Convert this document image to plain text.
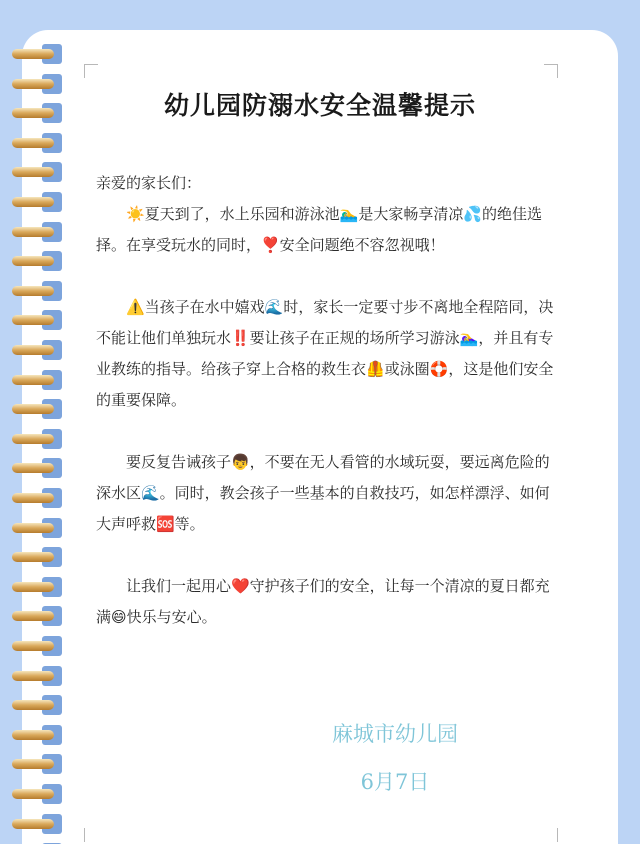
幼儿园防溺水安全温馨提示

亲爱的家长们：

☀️夏天到了，水上乐园和游泳池🏊‍♂️是大家畅享清凉💦的绝佳选择。在享受玩水的同时，❣️安全问题绝不容忽视哦！

⚠️当孩子在水中嬉戏🌊时，家长一定要寸步不离地全程陪同，决不能让他们单独玩水‼️要让孩子在正规的场所学习游泳🏊‍♀️，并且有专业教练的指导。给孩子穿上合格的救生衣🦺或泳圈🛟，这是他们安全的重要保障。

要反复告诫孩子👦，不要在无人看管的水域玩耍，要远离危险的深水区🌊。同时，教会孩子一些基本的自救技巧，如怎样漂浮、如何大声呼救🆘等。

让我们一起用心❤️守护孩子们的安全，让每一个清凉的夏日都充满😄快乐与安心。

麻城市幼儿园
6月7日
